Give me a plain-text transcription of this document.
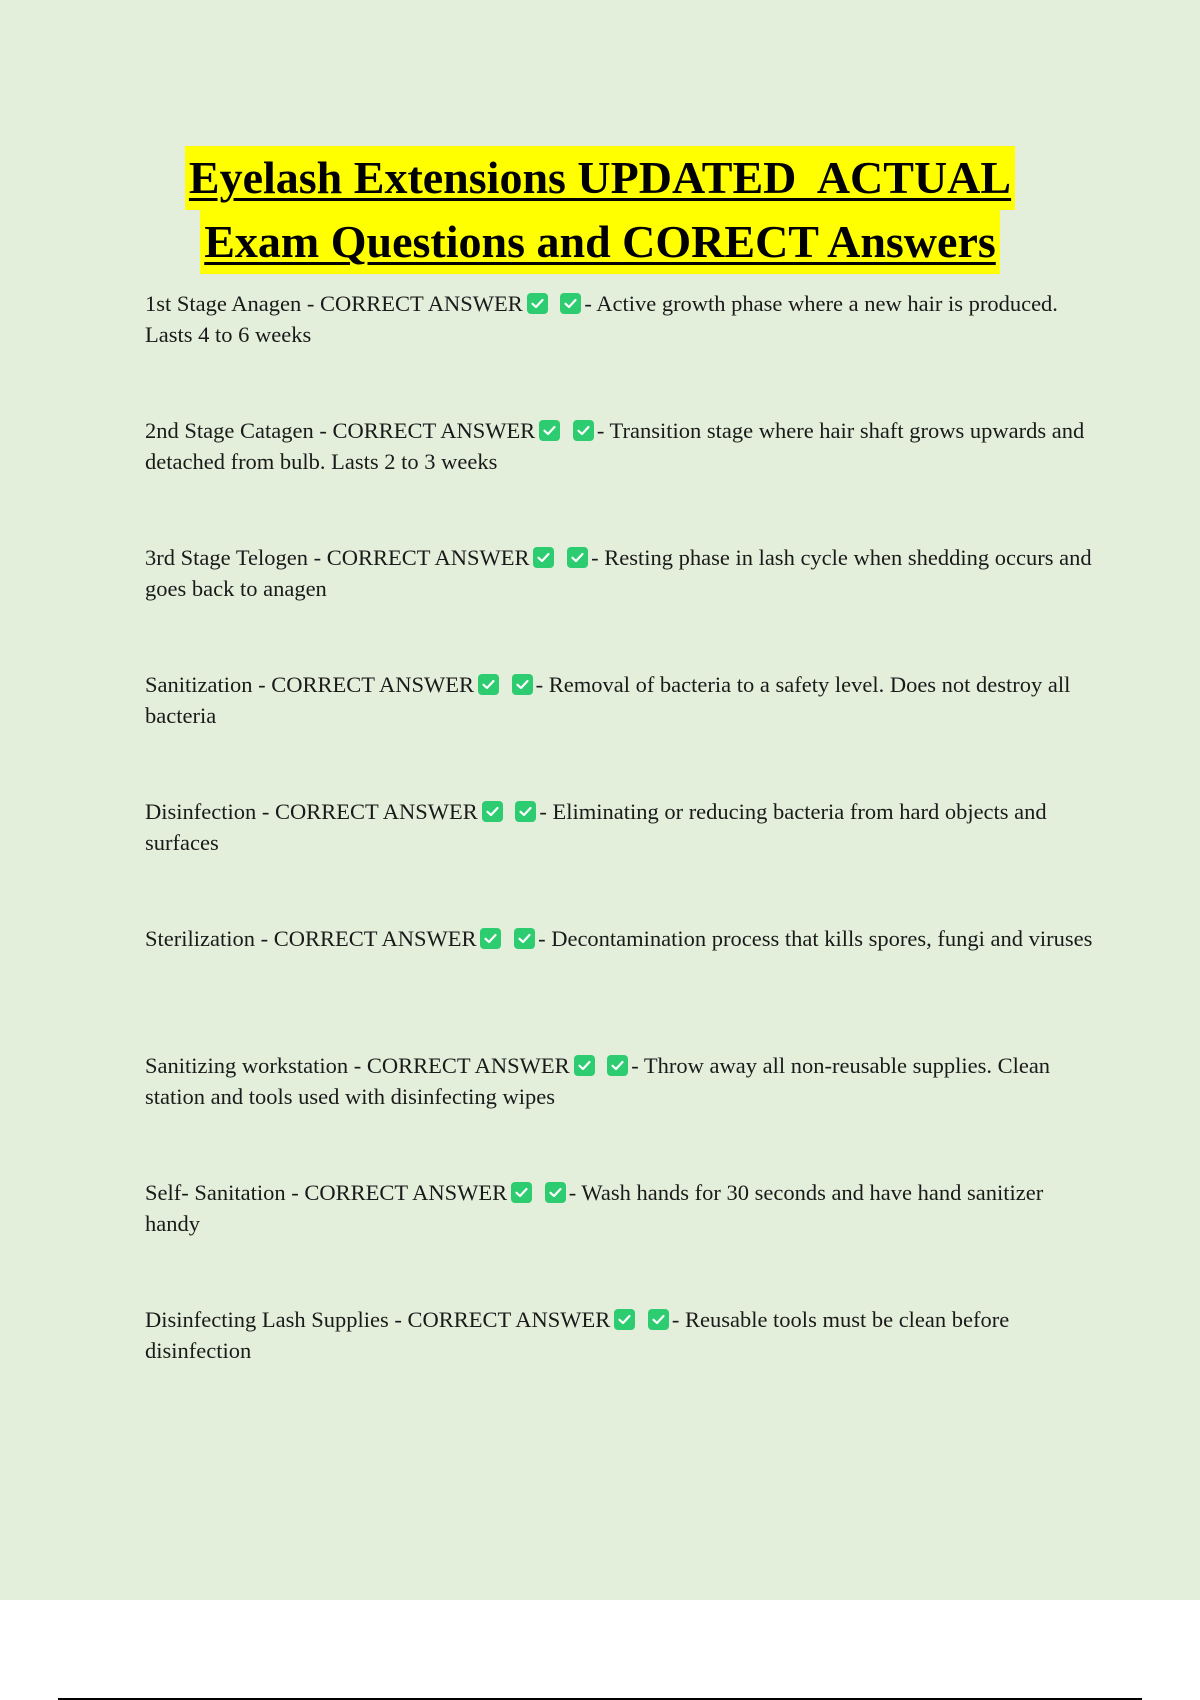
Eyelash Extensions UPDATED  ACTUAL
Exam Questions and CORECT Answers
1st Stage Anagen - CORRECT ANSWER
	- Active growth phase where a new hair is produced. Lasts 4 to 6 weeks
2nd Stage Catagen - CORRECT ANSWER
	- Transition stage where hair shaft grows upwards and detached from bulb. Lasts 2 to 3 weeks
3rd Stage Telogen - CORRECT ANSWER
	- Resting phase in lash cycle when shedding occurs and goes back to anagen
Sanitization - CORRECT ANSWER
	- Removal of bacteria to a safety level. Does not destroy all bacteria
Disinfection - CORRECT ANSWER
	- Eliminating or reducing bacteria from hard objects and surfaces
Sterilization - CORRECT ANSWER
	- Decontamination process that kills spores, fungi and viruses
Sanitizing workstation - CORRECT ANSWER
	- Throw away all non-reusable supplies. Clean station and tools used with disinfecting wipes
Self- Sanitation - CORRECT ANSWER
	- Wash hands for 30 seconds and have hand sanitizer handy
Disinfecting Lash Supplies - CORRECT ANSWER
	- Reusable tools must be clean before disinfection
